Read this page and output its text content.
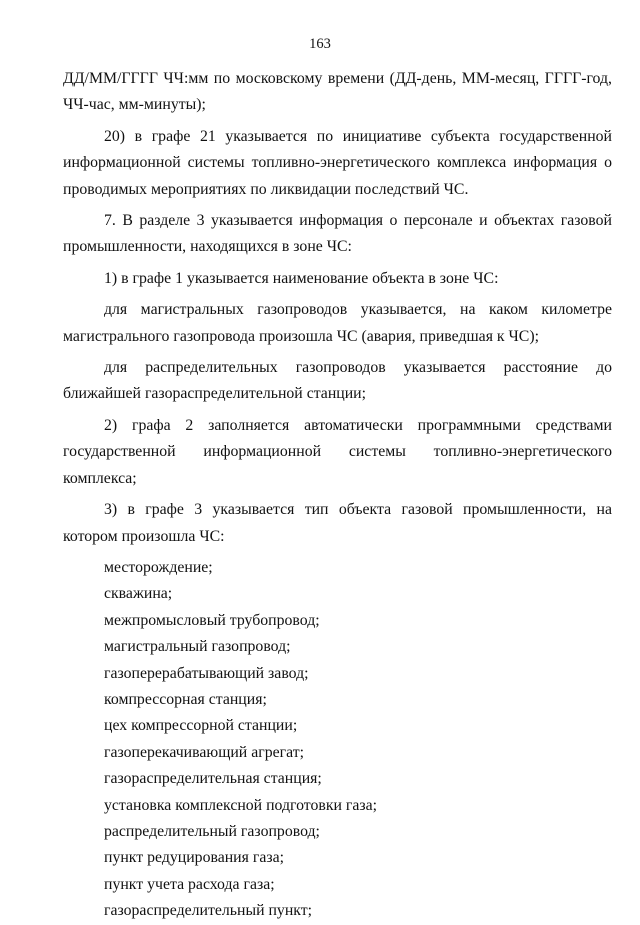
163

ДД/ММ/ГГГГ ЧЧ:мм по московскому времени (ДД-день, ММ-месяц, ГГГГ-год, ЧЧ-час, мм-минуты);

20) в графе 21 указывается по инициативе субъекта государственной информационной системы топливно-энергетического комплекса информация о проводимых мероприятиях по ликвидации последствий ЧС.

7. В разделе 3 указывается информация о персонале и объектах газовой промышленности, находящихся в зоне ЧС:

1) в графе 1 указывается наименование объекта в зоне ЧС:

для магистральных газопроводов указывается, на каком километре магистрального газопровода произошла ЧС (авария, приведшая к ЧС);

для распределительных газопроводов указывается расстояние до ближайшей газораспределительной станции;

2) графа 2 заполняется автоматически программными средствами государственной информационной системы топливно-энергетического комплекса;

3) в графе 3 указывается тип объекта газовой промышленности, на котором произошла ЧС:

месторождение;

скважина;

межпромысловый трубопровод;

магистральный газопровод;

газоперерабатывающий завод;

компрессорная станция;

цех компрессорной станции;

газоперекачивающий агрегат;

газораспределительная станция;

установка комплексной подготовки газа;

распределительный газопровод;

пункт редуцирования газа;

пункт учета расхода газа;

газораспределительный пункт;
